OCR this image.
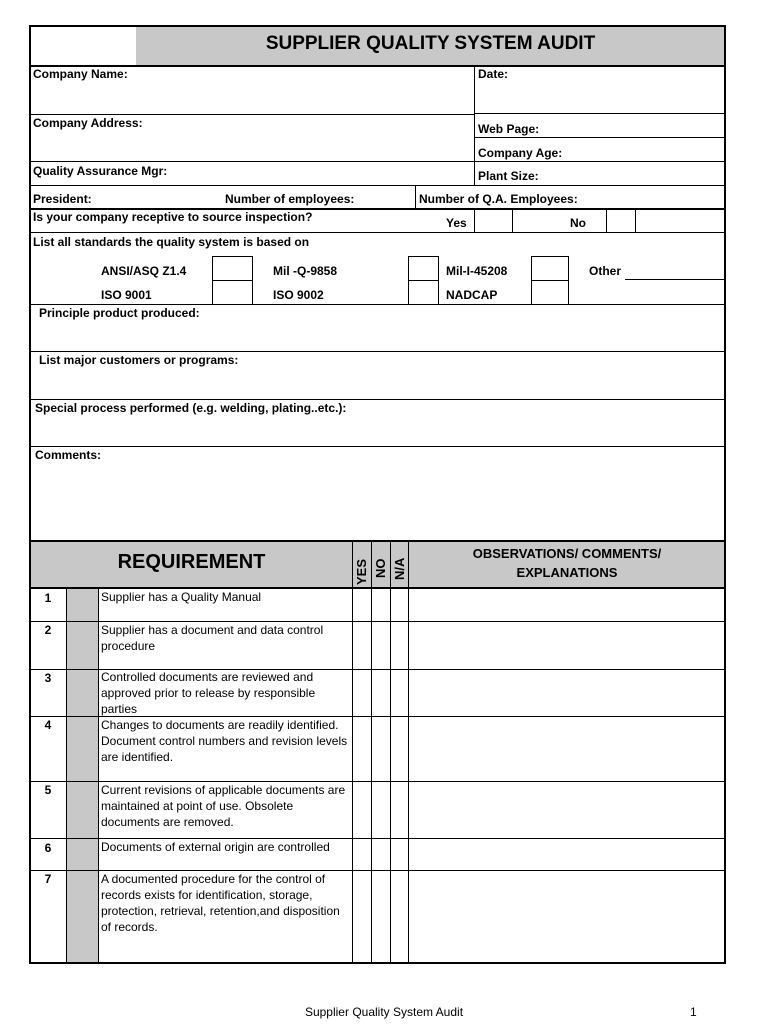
SUPPLIER QUALITY SYSTEM AUDIT
Company Name:	Date:
Company Address:	Web Page:
Company Age:
Quality Assurance Mgr:	Plant Size:
President:	Number of employees:	Number of Q.A. Employees:
Is your company receptive to source inspection?	Yes	No
List all standards the quality system is based on
ANSI/ASQ Z1.4	Mil -Q-9858	Mil-I-45208	Other
ISO 9001	ISO 9002	NADCAP
Principle product produced:
List major customers or programs:
Special process performed (e.g. welding, plating..etc.):
Comments:
REQUIREMENT	YES NO N/A
OBSERVATIONS/ COMMENTS/
EXPLANATIONS
1	Supplier has a Quality Manual
2	Supplier has a document and data control procedure
3	Controlled documents are reviewed and approved prior to release by responsible parties
4	Changes to documents are readily identified. Document control numbers and revision levels are identified.
5	Current revisions of applicable documents are maintained at point of use. Obsolete documents are removed.
6	Documents of external origin are controlled
7	A documented procedure for the control of records exists for identification, storage, protection, retrieval, retention,and disposition of records.
Supplier Quality System Audit	1
